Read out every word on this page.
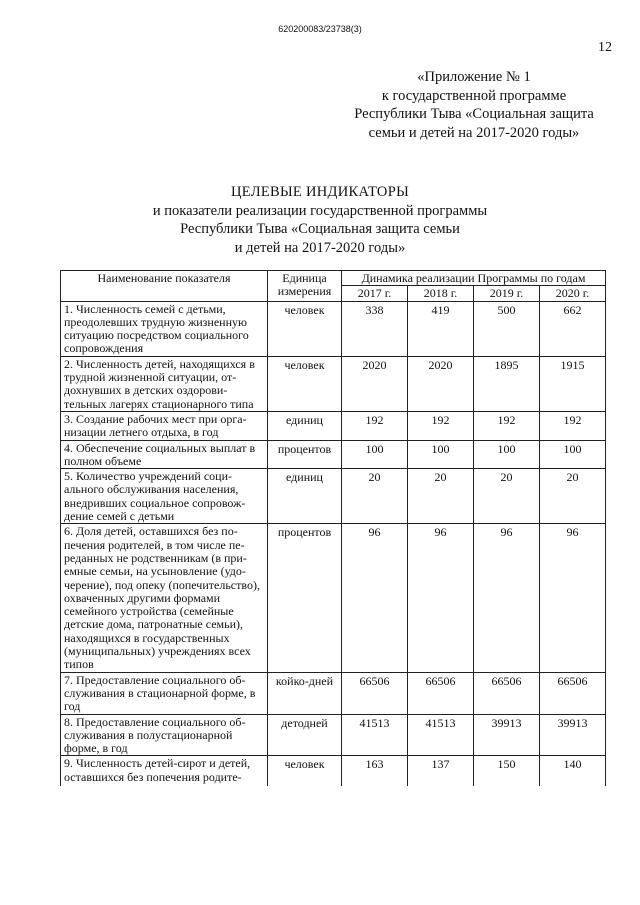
620200083/23738(3)
12
«Приложение № 1
к государственной программе
Республики Тыва «Социальная защита
семьи и детей на 2017-2020 годы»
ЦЕЛЕВЫЕ ИНДИКАТОРЫ
и показатели реализации государственной программы
Республики Тыва «Социальная защита семьи
и детей на 2017-2020 годы»
Наименование показателя	Единица измерения	Динамика реализации Программы по годам			
		2017 г.	2018 г.	2019 г.	2020 г.
1. Численность семей с детьми, преодолевших трудную жизненную ситуацию посредством социального сопровождения	человек	338	419	500	662
2. Численность детей, находящихся в трудной жизненной ситуации, отдохнувших в детских оздоровительных лагерях стационарного типа	человек	2020	2020	1895	1915
3. Создание рабочих мест при организации летнего отдыха, в год	единиц	192	192	192	192
4. Обеспечение социальных выплат в полном объеме	процентов	100	100	100	100
5. Количество учреждений социального обслуживания населения, внедривших социальное сопровождение семей с детьми	единиц	20	20	20	20
6. Доля детей, оставшихся без попечения родителей, в том числе переданных не родственникам (в приемные семьи, на усыновление (удочерение), под опеку (попечительство), охваченных другими формами семейного устройства (семейные детские дома, патронатные семьи), находящихся в государственных (муниципальных) учреждениях всех типов	процентов	96	96	96	96
7. Предоставление социального обслуживания в стационарной форме, в год	койко-дней	66506	66506	66506	66506
8. Предоставление социального обслуживания в полустационарной форме, в год	детодней	41513	41513	39913	39913
9. Численность детей-сирот и детей, оставшихся без попечения родите-	человек	163	137	150	140
